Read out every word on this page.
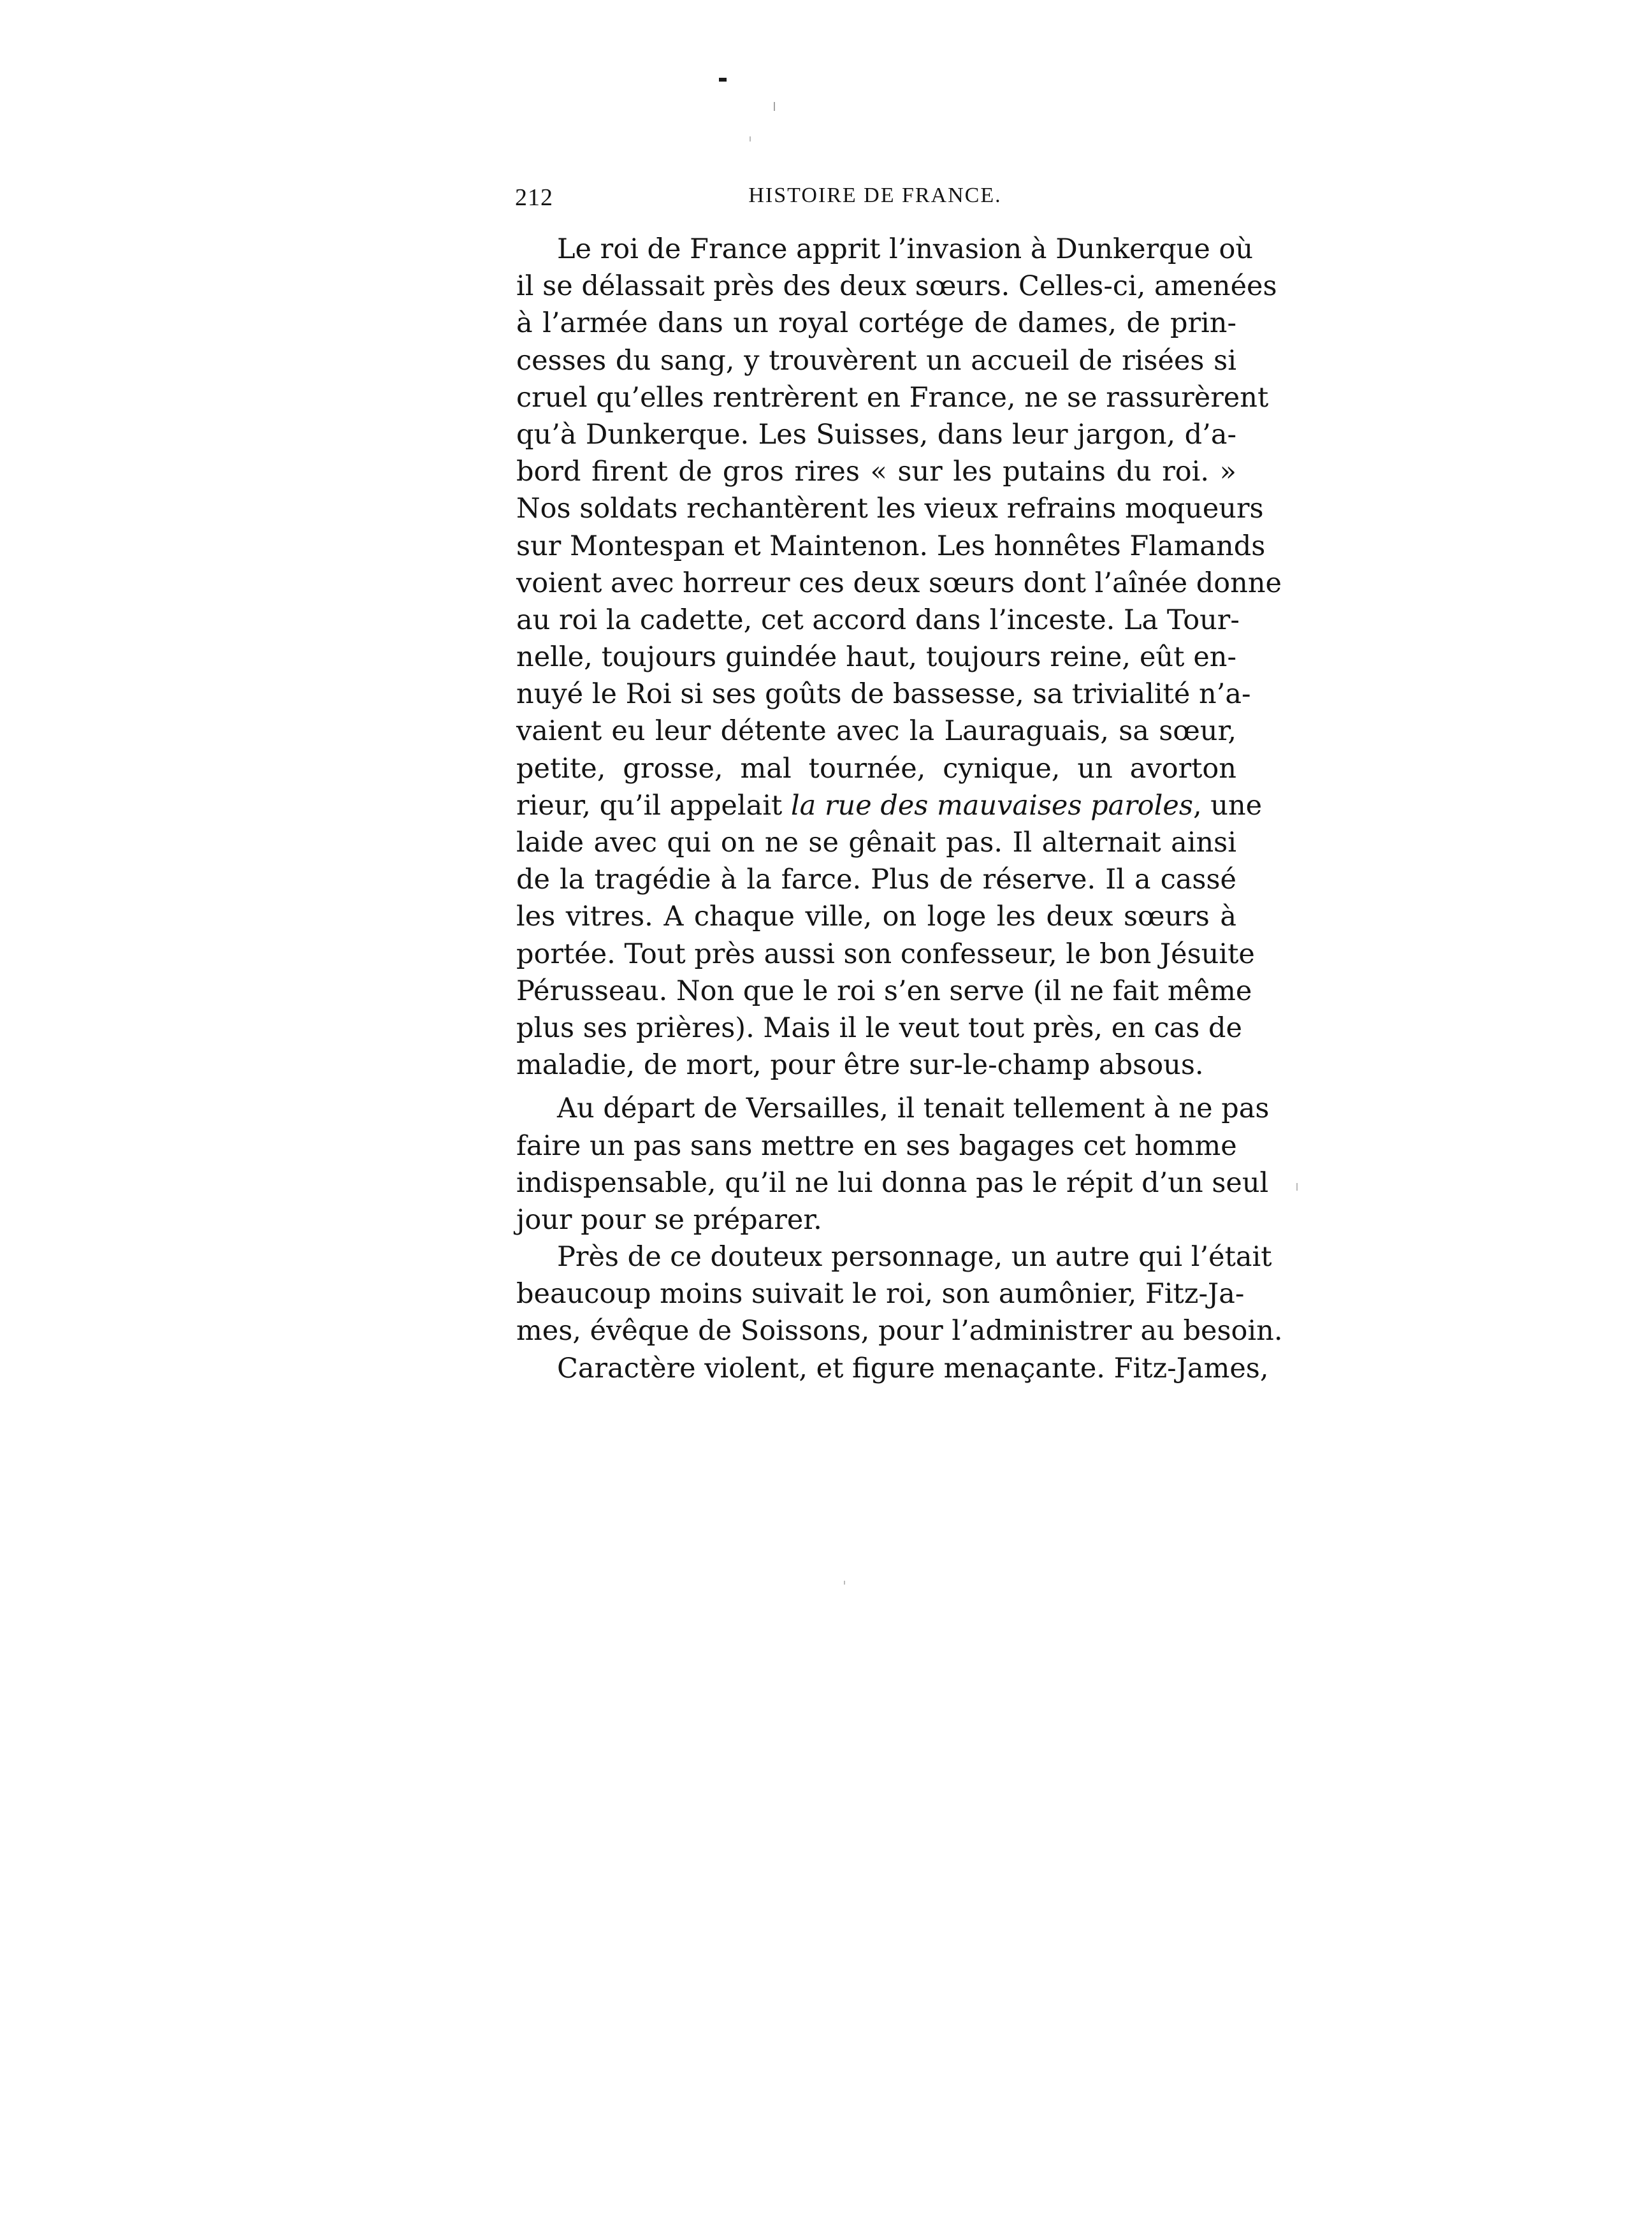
212	HISTOIRE DE FRANCE.
Le roi de France apprit l’invasion à Dunkerque où
il se délassait près des deux sœurs. Celles-ci, amenées
à l’armée dans un royal cortége de dames, de prin-
cesses du sang, y trouvèrent un accueil de risées si
cruel qu’elles rentrèrent en France, ne se rassurèrent
qu’à Dunkerque. Les Suisses, dans leur jargon, d’a-
bord firent de gros rires « sur les putains du roi. »
Nos soldats rechantèrent les vieux refrains moqueurs
sur Montespan et Maintenon. Les honnêtes Flamands
voient avec horreur ces deux sœurs dont l’aînée donne
au roi la cadette, cet accord dans l’inceste. La Tour-
nelle, toujours guindée haut, toujours reine, eût en-
nuyé le Roi si ses goûts de bassesse, sa trivialité n’a-
vaient eu leur détente avec la Lauraguais, sa sœur,
petite, grosse, mal tournée, cynique, un avorton
rieur, qu’il appelait la rue des mauvaises paroles, une
laide avec qui on ne se gênait pas. Il alternait ainsi
de la tragédie à la farce. Plus de réserve. Il a cassé
les vitres. A chaque ville, on loge les deux sœurs à
portée. Tout près aussi son confesseur, le bon Jésuite
Pérusseau. Non que le roi s’en serve (il ne fait même
plus ses prières). Mais il le veut tout près, en cas de
maladie, de mort, pour être sur-le-champ absous.
Au départ de Versailles, il tenait tellement à ne pas
faire un pas sans mettre en ses bagages cet homme
indispensable, qu’il ne lui donna pas le répit d’un seul
jour pour se préparer.
Près de ce douteux personnage, un autre qui l’était
beaucoup moins suivait le roi, son aumônier, Fitz-Ja-
mes, évêque de Soissons, pour l’administrer au besoin.
Caractère violent, et figure menaçante. Fitz-James,
